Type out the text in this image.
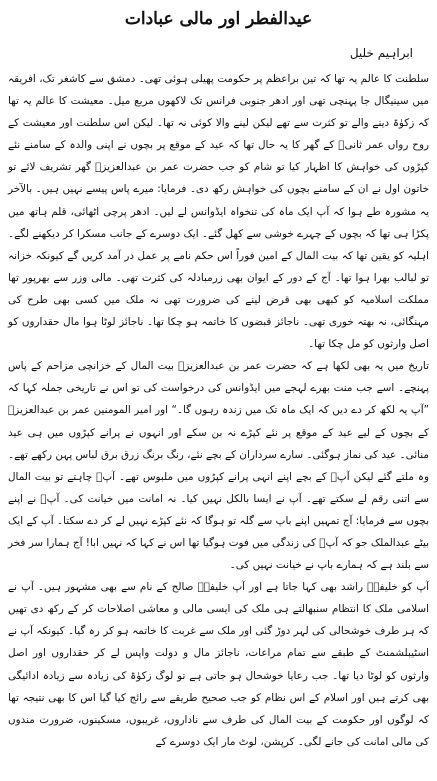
عیدالفطر اور مالی عبادات
ابراہیم خلیل

سلطنت کا عالم یہ تھا کہ تین براعظم پر حکومت پھیلی ہوئی تھی۔ دمشق سے کاشغر تک، افریقہ میں سینیگال جا پہنچی تھی اور ادھر جنوبی فرانس تک لاکھوں مربع میل۔ معیشت کا عالم یہ تھا کہ زکوٰۃ دینے والے تو کثرت سے تھے لیکن لینے والا کوئی نہ تھا۔ لیکن اس سلطنت اور معیشت کے روح رواں عمر ثانیؒ کے گھر کا یہ حال تھا کہ عید کے موقع پر بچوں نے اپنی والدہ کے سامنے نئے کپڑوں کی خواہش کا اظہار کیا تو شام کو جب حضرت عمر بن عبدالعزیزؒ گھر تشریف لائے تو خاتون اول نے ان کے سامنے بچوں کی خواہش رکھ دی۔ فرمایا: میرے پاس پیسے نہیں ہیں۔ بالآخر یہ مشورہ طے ہوا کہ آپ ایک ماہ کی تنخواہ ایڈوانس لے لیں۔ ادھر پرچی اٹھائی، قلم ہاتھ میں پکڑا ہی تھا کہ بچوں کے چہرے خوشی سے کھل گئے۔ ایک دوسرے کے جانب مسکرا کر دیکھنے لگے۔ اہلیہ کو یقین تھا کہ بیت المال کے امین فوراً اس حکم نامے پر عمل در آمد کریں گے کیونکہ خزانہ تو لبالب بھرا ہوا تھا۔ آج کے دور کے ایوان بھی زرمبادلہ کی کثرت تھی۔ مالی وزر سے بھرپور تھا مملکت اسلامیہ کو کبھی بھی قرض لینے کی ضرورت تھی نہ ملک میں کسی بھی طرح کی مہنگائی، نہ بھتہ خوری تھی۔ ناجائز قبضوں کا خاتمہ ہو چکا تھا۔ ناجائز لوٹا ہوا مال حقداروں کو اصل وارثوں کو مل چکا تھا۔

تاریخ میں یہ بھی لکھا ہے کہ حضرت عمر بن عبدالعزیزؒ بیت المال کے خزانچی مزاحم کے پاس پہنچے۔ اسے جب منت بھرے لہجے میں ایڈوانس کی درخواست کی تو اس نے تاریخی جملہ کہا کہ ”آپ یہ لکھ کر دے دیں کہ ایک ماہ تک میں زندہ رہوں گا۔“ اور امیر المومنین عمر بن عبدالعزیزؒ کے بچوں کے لیے عید کے موقع پر نئے کپڑے نہ بن سکے اور انہوں نے پرانے کپڑوں میں ہی عید منائی۔ عید کی نماز ہوگئی۔ سارے سرداران کے بچے نئے، رنگ برنگ زرق برق لباس پہن رکھے تھے۔ وہ ملتے گئے لیکن آپؒ کے بچے اپنے انہی پرانے کپڑوں میں ملبوس تھے۔ آپؒ چاہتے تو بیت المال سے اتنی رقم لے سکتے تھے۔ آپ نے ایسا بالکل نہیں کیا۔ نہ امانت میں خیانت کی۔ آپؒ نے اپنے بچوں سے فرمایا: آج تمہیں اپنے باپ سے گلہ تو ہوگا کہ نئے کپڑے نہیں لے کر دے سکتا۔ آپ کے ایک بیٹے عبدالملک جو کہ آپؒ کی زندگی میں فوت ہوگیا تھا اس نے کہا کہ نہیں ابا! آج ہمارا سر فخر سے بلند ہے کہ ہمارے باپ نے خیانت نہیں کی۔

آپ کو خلیفہؓ راشد بھی کہا جاتا ہے اور آپ خلیفہؓ صالح کے نام سے بھی مشہور ہیں۔ آپ نے اسلامی ملک کا انتظام سنبھالتے ہی ملک کی ایسی مالی و معاشی اصلاحات کر کے رکھ دی تھیں کہ ہر طرف خوشحالی کی لہر دوڑ گئی اور ملک سے غربت کا خاتمہ ہو کر رہ گیا۔ کیونکہ آپ نے اسٹیبلشمنٹ کے طبقے سے تمام مراعات، ناجائز مال و دولت واپس لے کر حقداروں اور اصل وارثوں کو لوٹا دیا تھا۔ جب رعایا خوشحال ہو جاتی ہے تو لوگ زکوٰۃ کی زیادہ سے زیادہ ادائیگی بھی کرتے ہیں اور اسلام کے اس نظام کو جب صحیح طریقے سے رائج کیا گیا اس کا بھی نتیجہ تھا کہ لوگوں اور حکومت کے بیت المال کی طرف سے ناداروں، غریبوں، مسکینوں، ضرورت مندوں کی مالی امانت کی جانے لگی۔ کرپشن، لوٹ مار ایک دوسرے کے
